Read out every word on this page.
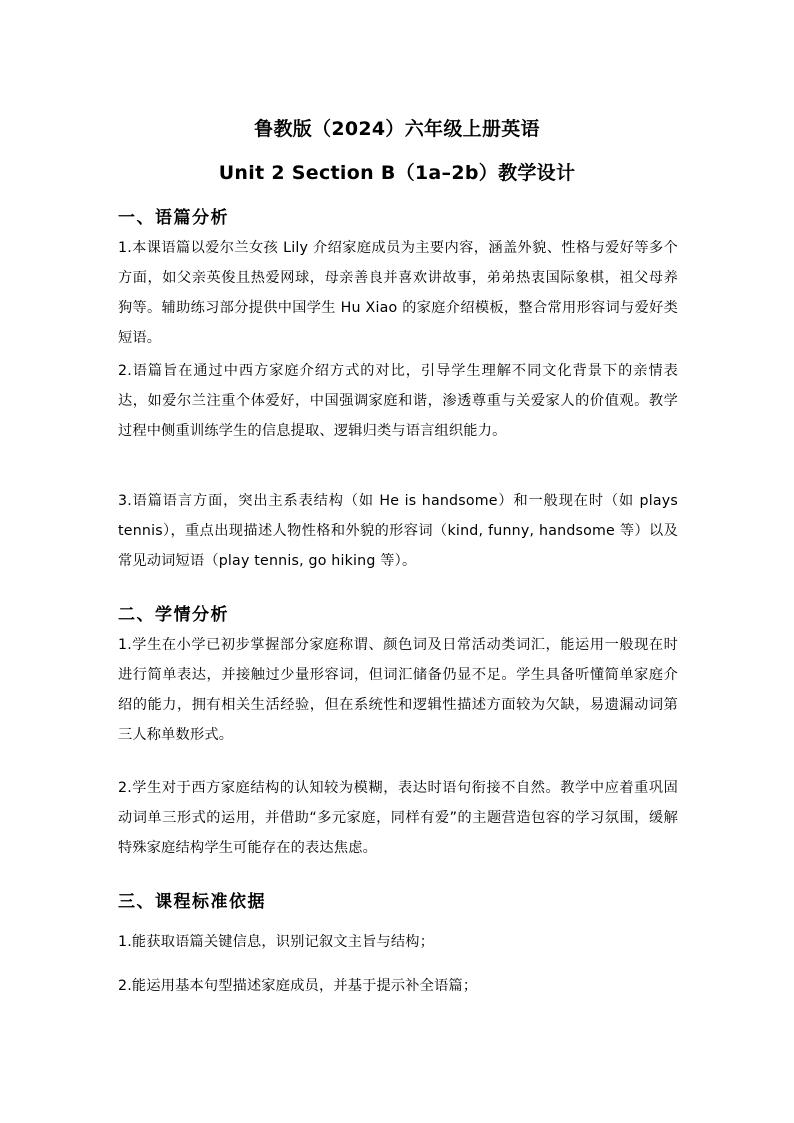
鲁教版（2024）六年级上册英语
Unit 2 Section B（1a–2b）教学设计
一、语篇分析
1.本课语篇以爱尔兰女孩 Lily 介绍家庭成员为主要内容，涵盖外貌、性格与爱好等多个方面，如父亲英俊且热爱网球，母亲善良并喜欢讲故事，弟弟热衷国际象棋，祖父母养狗等。辅助练习部分提供中国学生 Hu Xiao 的家庭介绍模板，整合常用形容词与爱好类短语。
2.语篇旨在通过中西方家庭介绍方式的对比，引导学生理解不同文化背景下的亲情表达，如爱尔兰注重个体爱好，中国强调家庭和谐，渗透尊重与关爱家人的价值观。教学过程中侧重训练学生的信息提取、逻辑归类与语言组织能力。
3.语篇语言方面，突出主系表结构（如 He is handsome）和一般现在时（如 plays tennis），重点出现描述人物性格和外貌的形容词（kind, funny, handsome 等）以及常见动词短语（play tennis, go hiking 等）。
二、学情分析
1.学生在小学已初步掌握部分家庭称谓、颜色词及日常活动类词汇，能运用一般现在时进行简单表达，并接触过少量形容词，但词汇储备仍显不足。学生具备听懂简单家庭介绍的能力，拥有相关生活经验，但在系统性和逻辑性描述方面较为欠缺，易遗漏动词第三人称单数形式。
2.学生对于西方家庭结构的认知较为模糊，表达时语句衔接不自然。教学中应着重巩固动词单三形式的运用，并借助“多元家庭，同样有爱”的主题营造包容的学习氛围，缓解特殊家庭结构学生可能存在的表达焦虑。
三、课程标准依据
1.能获取语篇关键信息，识别记叙文主旨与结构；
2.能运用基本句型描述家庭成员，并基于提示补全语篇；
